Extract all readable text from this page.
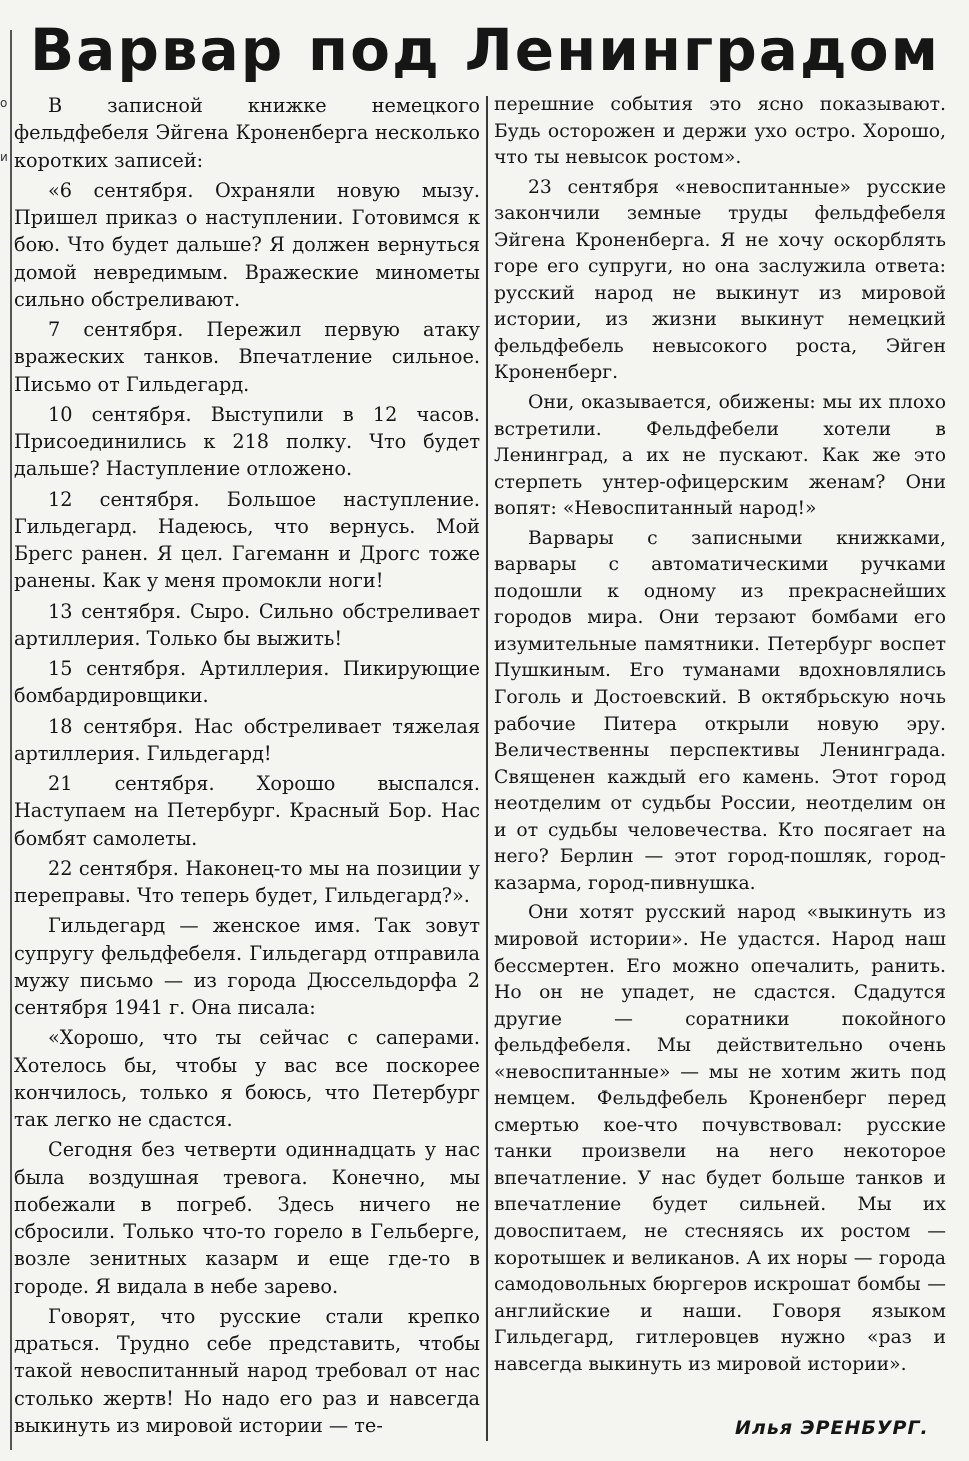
о
и
Варвар под Ленинградом

В записной книжке немецкого фельдфебеля Эйгена Кроненберга несколько коротких записей:

«6 сентября. Охраняли новую мызу. Пришел приказ о наступлении. Готовимся к бою. Что будет дальше? Я должен вернуться домой невредимым. Вражеские минометы сильно обстреливают.

7 сентября. Пережил первую атаку вражеских танков. Впечатление сильное. Письмо от Гильдегард.

10 сентября. Выступили в 12 часов. Присоединились к 218 полку. Что будет дальше? Наступление отложено.

12 сентября. Большое наступление. Гильдегард. Надеюсь, что вернусь. Мой Брегс ранен. Я цел. Гагеманн и Дрогс тоже ранены. Как у меня промокли ноги!

13 сентября. Сыро. Сильно обстреливает артиллерия. Только бы выжить!

15 сентября. Артиллерия. Пикирующие бомбардировщики.

18 сентября. Нас обстреливает тяжелая артиллерия. Гильдегард!

21 сентября. Хорошо выспался. Наступаем на Петербург. Красный Бор. Нас бомбят самолеты.

22 сентября. Наконец-то мы на позиции у переправы. Что теперь будет, Гильдегард?».

Гильдегард — женское имя. Так зовут супругу фельдфебеля. Гильдегард отправила мужу письмо — из города Дюссельдорфа 2 сентября 1941 г. Она писала:

«Хорошо, что ты сейчас с саперами. Хотелось бы, чтобы у вас все поскорее кончилось, только я боюсь, что Петербург так легко не сдастся.

Сегодня без четверти одиннадцать у нас была воздушная тревога. Конечно, мы побежали в погреб. Здесь ничего не сбросили. Только что-то горело в Гельберге, возле зенитных казарм и еще где-то в городе. Я видала в небе зарево.

Говорят, что русские стали крепко драться. Трудно себе представить, чтобы такой невоспитанный народ требовал от нас столько жертв! Но надо его раз и навсегда выкинуть из мировой истории — те-

перешние события это ясно показывают. Будь осторожен и держи ухо остро. Хорошо, что ты невысок ростом».

23 сентября «невоспитанные» русские закончили земные труды фельдфебеля Эйгена Кроненберга. Я не хочу оскорблять горе его супруги, но она заслужила ответа: русский народ не выкинут из мировой истории, из жизни выкинут немецкий фельдфебель невысокого роста, Эйген Кроненберг.

Они, оказывается, обижены: мы их плохо встретили. Фельдфебели хотели в Ленинград, а их не пускают. Как же это стерпеть унтер-офицерским женам? Они вопят: «Невоспитанный народ!»

Варвары с записными книжками, варвары с автоматическими ручками подошли к одному из прекраснейших городов мира. Они терзают бомбами его изумительные памятники. Петербург воспет Пушкиным. Его туманами вдохновлялись Гоголь и Достоевский. В октябрьскую ночь рабочие Питера открыли новую эру. Величественны перспективы Ленинграда. Священен каждый его камень. Этот город неотделим от судьбы России, неотделим он и от судьбы человечества. Кто посягает на него? Берлин — этот город-пошляк, город-казарма, город-пивнушка.

Они хотят русский народ «выкинуть из мировой истории». Не удастся. Народ наш бессмертен. Его можно опечалить, ранить. Но он не упадет, не сдастся. Сдадутся другие — соратники покойного фельдфебеля. Мы действительно очень «невоспитанные» — мы не хотим жить под немцем. Фельдфебель Кроненберг перед смертью кое-что почувствовал: русские танки произвели на него некоторое впечатление. У нас будет больше танков и впечатление будет сильней. Мы их довоспитаем, не стесняясь их ростом — коротышек и великанов. А их норы — города самодовольных бюргеров искрошат бомбы — английские и наши. Говоря языком Гильдегард, гитлеровцев нужно «раз и навсегда выкинуть из мировой истории».

Илья ЭРЕНБУРГ.
